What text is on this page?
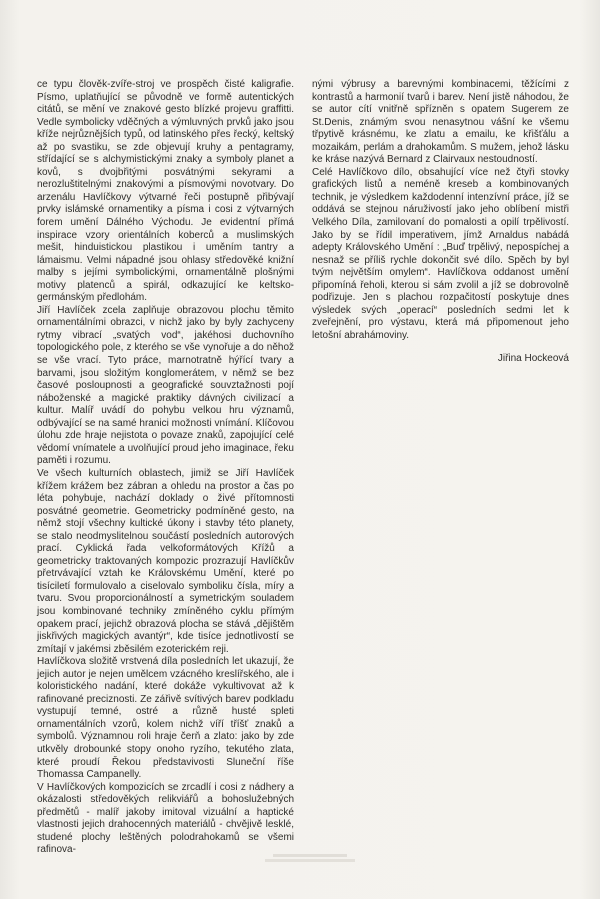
ce typu člověk-zvíře-stroj ve prospěch čisté kaligrafie. Písmo, uplatňující se původně ve formě autentických citátů, se mění ve znakové gesto blízké projevu graffitti. Vedle symbolicky vděčných a výmluvných prvků jako jsou kříže nejrůznějších typů, od latinského přes řecký, keltský až po svastiku, se zde objevují kruhy a pentagramy, střídající se s alchymistickými znaky a symboly planet a kovů, s dvojbřitými posvátnými sekyrami a nerozluštitelnými znakovými a písmovými novotvary. Do arzenálu Havlíčkovy výtvarné řeči postupně přibývají prvky islámské ornamentiky a písma i cosi z výtvarných forem umění Dálného Východu. Je evidentní přímá inspirace vzory orientálních koberců a muslimských mešit, hinduistickou plastikou i uměním tantry a lámaismu. Velmi nápadné jsou ohlasy středověké knižní malby s jejími symbolickými, ornamentálně plošnými motivy platenců a spirál, odkazující ke keltsko-germánským předlohám.

Jiří Havlíček zcela zaplňuje obrazovou plochu těmito ornamentálními obrazci, v nichž jako by byly zachyceny rytmy vibrací „svatých vod“, jakéhosi duchovního topologického pole, z kterého se vše vynořuje a do něhož se vše vrací. Tyto práce, marnotratně hýřící tvary a barvami, jsou složitým konglomerátem, v němž se bez časové posloupnosti a geografické souvztažnosti pojí náboženské a magické praktiky dávných civilizací a kultur. Malíř uvádí do pohybu velkou hru významů, odbývající se na samé hranici možnosti vnímání. Klíčovou úlohu zde hraje nejistota o povaze znaků, zapojující celé vědomí vnímatele a uvolňující proud jeho imaginace, řeku paměti i rozumu.

Ve všech kulturních oblastech, jimiž se Jiří Havlíček křížem krážem bez zábran a ohledu na prostor a čas po léta pohybuje, nachází doklady o živé přítomnosti posvátné geometrie. Geometricky podmíněné gesto, na němž stojí všechny kultické úkony i stavby této planety, se stalo neodmyslitelnou součástí posledních autorových prací. Cyklická řada velkoformátových Křížů a geometricky traktovaných kompozic prozrazují Havlíčkův přetrvávající vztah ke Královskému Umění, které po tisíciletí formulovalo a ciselovalo symboliku čísla, míry a tvaru. Svou proporcionálností a symetrickým souladem jsou kombinované techniky zmíněného cyklu přímým opakem prací, jejichž obrazová plocha se stává „dějištěm jiskřivých magických avantýr“, kde tisíce jednotlivostí se zmítají v jakémsi zběsilém ezoterickém reji.

Havlíčkova složitě vrstvená díla posledních let ukazují, že jejich autor je nejen umělcem vzácného kreslířského, ale i koloristického nadání, které dokáže vykultivovat až k rafinované preciznosti. Ze zářivě svítivých barev podkladu vystupují temné, ostré a různě husté spleti ornamentálních vzorů, kolem nichž víří tříšť znaků a symbolů. Významnou roli hraje čerň a zlato: jako by zde utkvěly drobounké stopy onoho ryzího, tekutého zlata, které proudí Řekou představivosti Sluneční říše Thomassa Campanelly.

V Havlíčkových kompozicích se zrcadlí i cosi z nádhery a okázalosti středověkých relikviářů a bohoslužebných předmětů - malíř jakoby imitoval vizuální a haptické vlastnosti jejich drahocenných materiálů - chvějivě lesklé, studené plochy leštěných polodrahokamů se všemi rafinova-

nými výbrusy a barevnými kombinacemi, těžícími z kontrastů a harmonií tvarů i barev. Není jistě náhodou, že se autor cítí vnitřně spřízněn s opatem Sugerem ze St.Denis, známým svou nenasytnou vášní ke všemu třpytivě krásnému, ke zlatu a emailu, ke křišťálu a mozaikám, perlám a drahokamům. S mužem, jehož lásku ke kráse nazývá Bernard z Clairvaux nestoudností.

Celé Havlíčkovo dílo, obsahující více než čtyři stovky grafických listů a neméně kreseb a kombinovaných technik, je výsledkem každodenní intenzívní práce, jíž se oddává se stejnou náruživostí jako jeho oblíbení mistři Velkého Díla, zamilovaní do pomalosti a opilí trpělivostí. Jako by se řídil imperativem, jímž Arnaldus nabádá adepty Královského Umění : „Buď trpělivý, nepospíchej a nesnaž se příliš rychle dokončit své dílo. Spěch by byl tvým největším omylem“. Havlíčkova oddanost umění připomíná řeholi, kterou si sám zvolil a jíž se dobrovolně podřizuje. Jen s plachou rozpačitostí poskytuje dnes výsledek svých „operací“ posledních sedmi let k zveřejnění, pro výstavu, která má připomenout jeho letošní abrahámoviny.

Jiřina Hockeová
